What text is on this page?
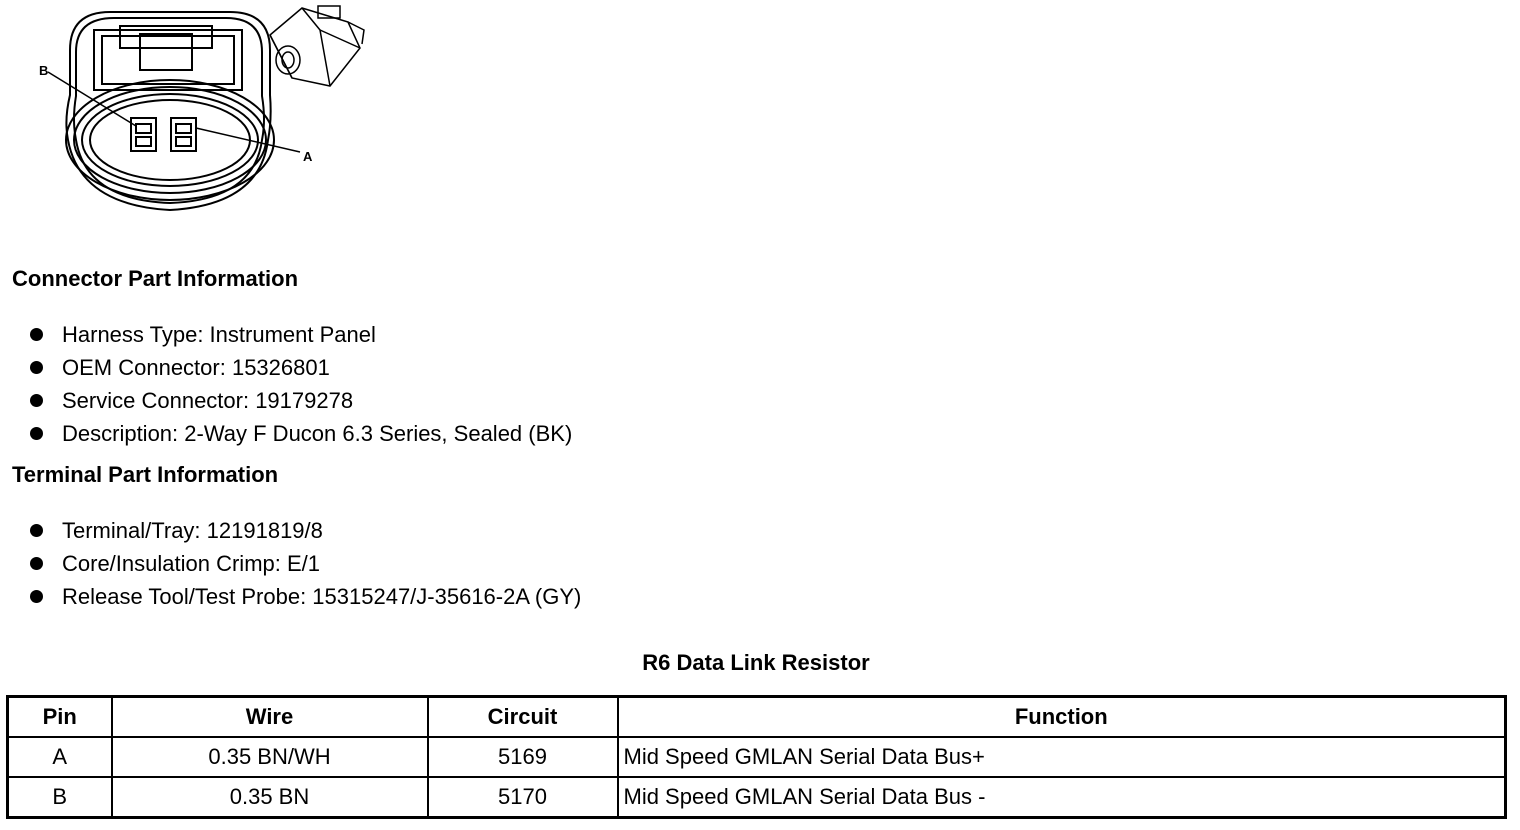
B
A
Connector Part Information
Harness Type: Instrument Panel
OEM Connector: 15326801
Service Connector: 19179278
Description: 2-Way F Ducon 6.3 Series, Sealed (BK)
Terminal Part Information
Terminal/Tray: 12191819/8
Core/Insulation Crimp: E/1
Release Tool/Test Probe: 15315247/J-35616-2A (GY)
R6 Data Link Resistor
Pin	Wire	Circuit	Function
A	0.35 BN/WH	5169	Mid Speed GMLAN Serial Data Bus+
B	0.35 BN	5170	Mid Speed GMLAN Serial Data Bus -
